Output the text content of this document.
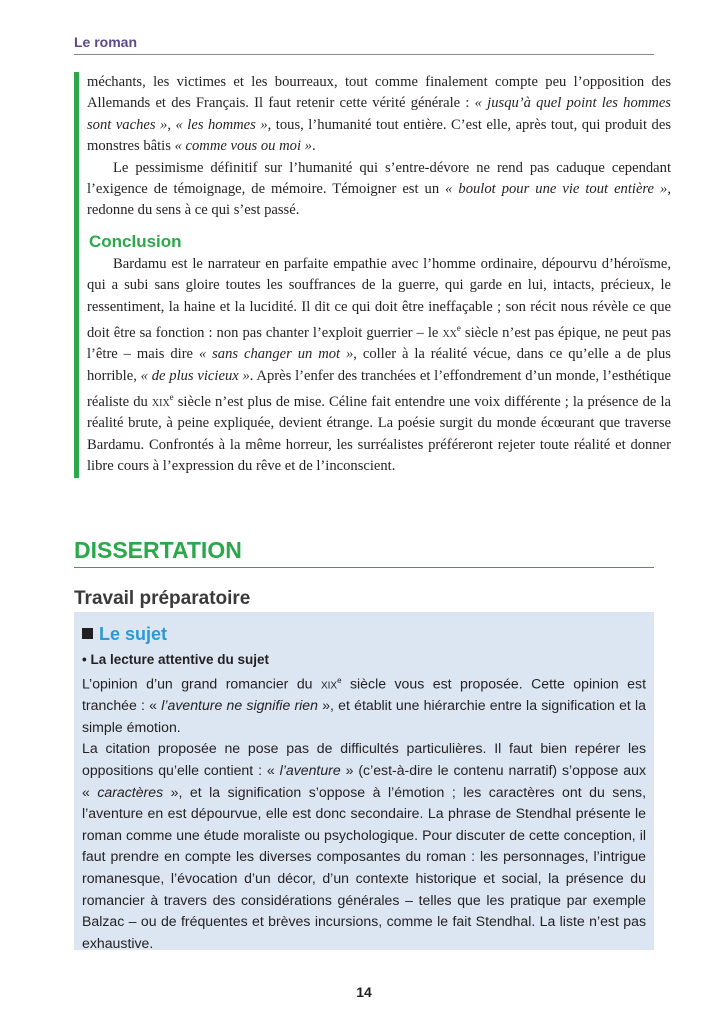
Le roman

méchants, les victimes et les bourreaux, tout comme finalement compte peu l’opposition des Allemands et des Français. Il faut retenir cette vérité générale : « jusqu’à quel point les hommes sont vaches », « les hommes », tous, l’humanité tout entière. C’est elle, après tout, qui produit des monstres bâtis « comme vous ou moi ».

Le pessimisme définitif sur l’humanité qui s’entre-dévore ne rend pas caduque cependant l’exigence de témoignage, de mémoire. Témoigner est un « boulot pour une vie tout entière », redonne du sens à ce qui s’est passé.

Conclusion

Bardamu est le narrateur en parfaite empathie avec l’homme ordinaire, dépourvu d’héroïsme, qui a subi sans gloire toutes les souffrances de la guerre, qui garde en lui, intacts, précieux, le ressentiment, la haine et la lucidité. Il dit ce qui doit être ineffaçable ; son récit nous révèle ce que doit être sa fonction : non pas chanter l’exploit guerrier – le $xx^e$ siècle n’est pas épique, ne peut pas l’être – mais dire « sans changer un mot », coller à la réalité vécue, dans ce qu’elle a de plus horrible, « de plus vicieux ». Après l’enfer des tranchées et l’effondrement d’un monde, l’esthétique réaliste du xix$^e$ siècle n’est plus de mise. Céline fait entendre une voix différente ; la présence de la réalité brute, à peine expliquée, devient étrange. La poésie surgit du monde écœurant que traverse Bardamu. Confrontés à la même horreur, les surréalistes préféreront rejeter toute réalité et donner libre cours à l’expression du rêve et de l’inconscient.

DISSERTATION
Travail préparatoire
Le sujet
• La lecture attentive du sujet

L’opinion d’un grand romancier du xix$^e$ siècle vous est proposée. Cette opinion est tranchée : « l’aventure ne signifie rien », et établit une hiérarchie entre la signification et la simple émotion.

La citation proposée ne pose pas de difficultés particulières. Il faut bien repérer les oppositions qu’elle contient : « l’aventure » (c’est-à-dire le contenu narratif) s’oppose aux « caractères », et la signification s’oppose à l’émotion ; les caractères ont du sens, l’aventure en est dépourvue, elle est donc secondaire. La phrase de Stendhal présente le roman comme une étude moraliste ou psychologique. Pour discuter de cette conception, il faut prendre en compte les diverses composantes du roman : les personnages, l’intrigue romanesque, l’évocation d’un décor, d’un contexte historique et social, la présence du romancier à travers des considérations générales – telles que les pratique par exemple Balzac – ou de fréquentes et brèves incursions, comme le fait Stendhal. La liste n’est pas exhaustive.

14
